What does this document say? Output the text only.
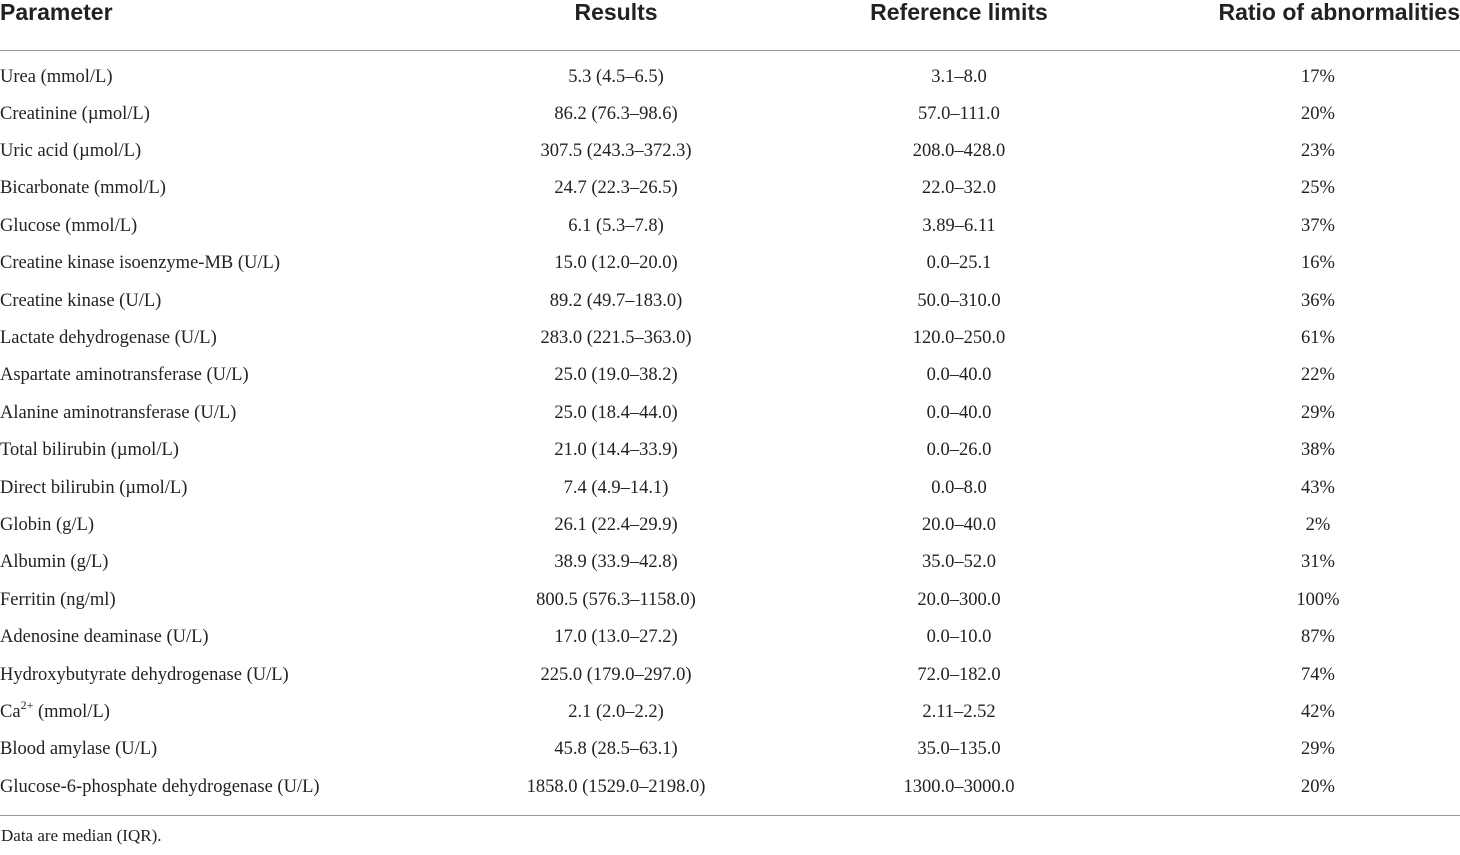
Parameter	Results	Reference limits	Ratio of abnormalities
Urea (mmol/L)	5.3 (4.5–6.5)	3.1–8.0	17%
Creatinine (µmol/L)	86.2 (76.3–98.6)	57.0–111.0	20%
Uric acid (µmol/L)	307.5 (243.3–372.3)	208.0–428.0	23%
Bicarbonate (mmol/L)	24.7 (22.3–26.5)	22.0–32.0	25%
Glucose (mmol/L)	6.1 (5.3–7.8)	3.89–6.11	37%
Creatine kinase isoenzyme-MB (U/L)	15.0 (12.0–20.0)	0.0–25.1	16%
Creatine kinase (U/L)	89.2 (49.7–183.0)	50.0–310.0	36%
Lactate dehydrogenase (U/L)	283.0 (221.5–363.0)	120.0–250.0	61%
Aspartate aminotransferase (U/L)	25.0 (19.0–38.2)	0.0–40.0	22%
Alanine aminotransferase (U/L)	25.0 (18.4–44.0)	0.0–40.0	29%
Total bilirubin (µmol/L)	21.0 (14.4–33.9)	0.0–26.0	38%
Direct bilirubin (µmol/L)	7.4 (4.9–14.1)	0.0–8.0	43%
Globin (g/L)	26.1 (22.4–29.9)	20.0–40.0	2%
Albumin (g/L)	38.9 (33.9–42.8)	35.0–52.0	31%
Ferritin (ng/ml)	800.5 (576.3–1158.0)	20.0–300.0	100%
Adenosine deaminase (U/L)	17.0 (13.0–27.2)	0.0–10.0	87%
Hydroxybutyrate dehydrogenase (U/L)	225.0 (179.0–297.0)	72.0–182.0	74%
$Ca^{2+}$ (mmol/L)	2.1 (2.0–2.2)	2.11–2.52	42%
Blood amylase (U/L)	45.8 (28.5–63.1)	35.0–135.0	29%
Glucose-6-phosphate dehydrogenase (U/L)	1858.0 (1529.0–2198.0)	1300.0–3000.0	20%
Data are median (IQR).			
